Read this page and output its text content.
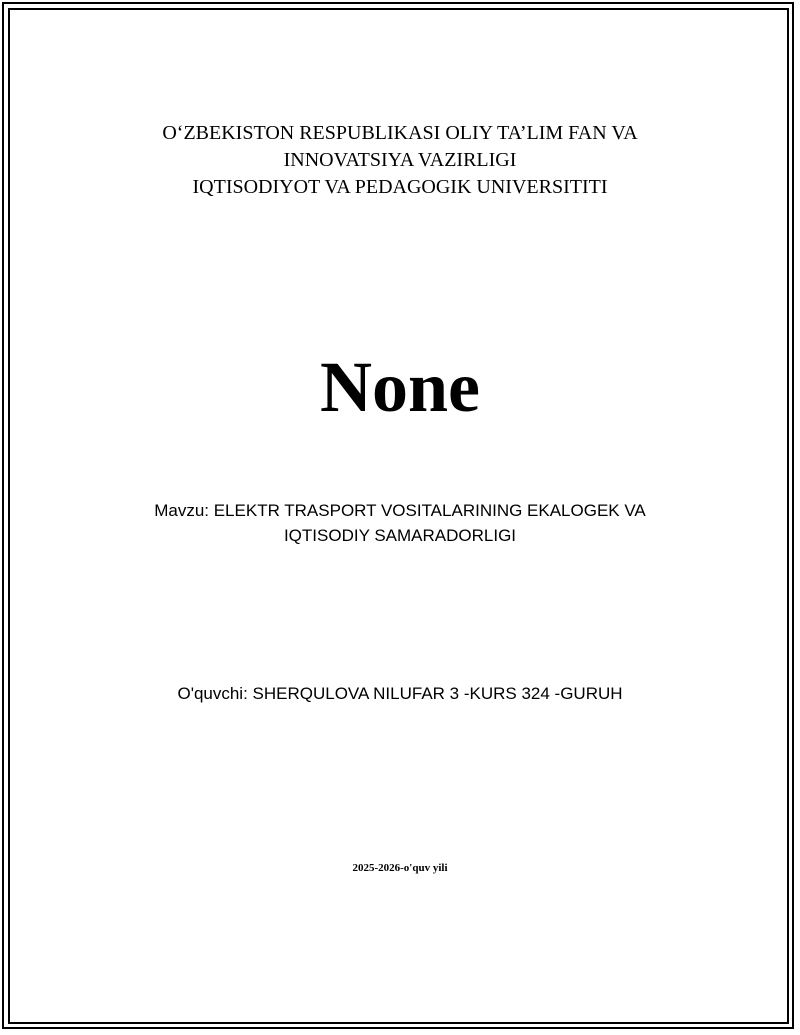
O‘ZBEKISTON RESPUBLIKASI OLIY TA’LIM FAN VA
INNOVATSIYA VAZIRLIGI
IQTISODIYOT VA PEDAGOGIK UNIVERSITITI
None
Mavzu: ELEKTR TRASPORT VOSITALARINING EKALOGEK VA
IQTISODIY SAMARADORLIGI
O'quvchi: SHERQULOVA NILUFAR 3 -KURS 324 -GURUH
2025-2026-o'quv yili
